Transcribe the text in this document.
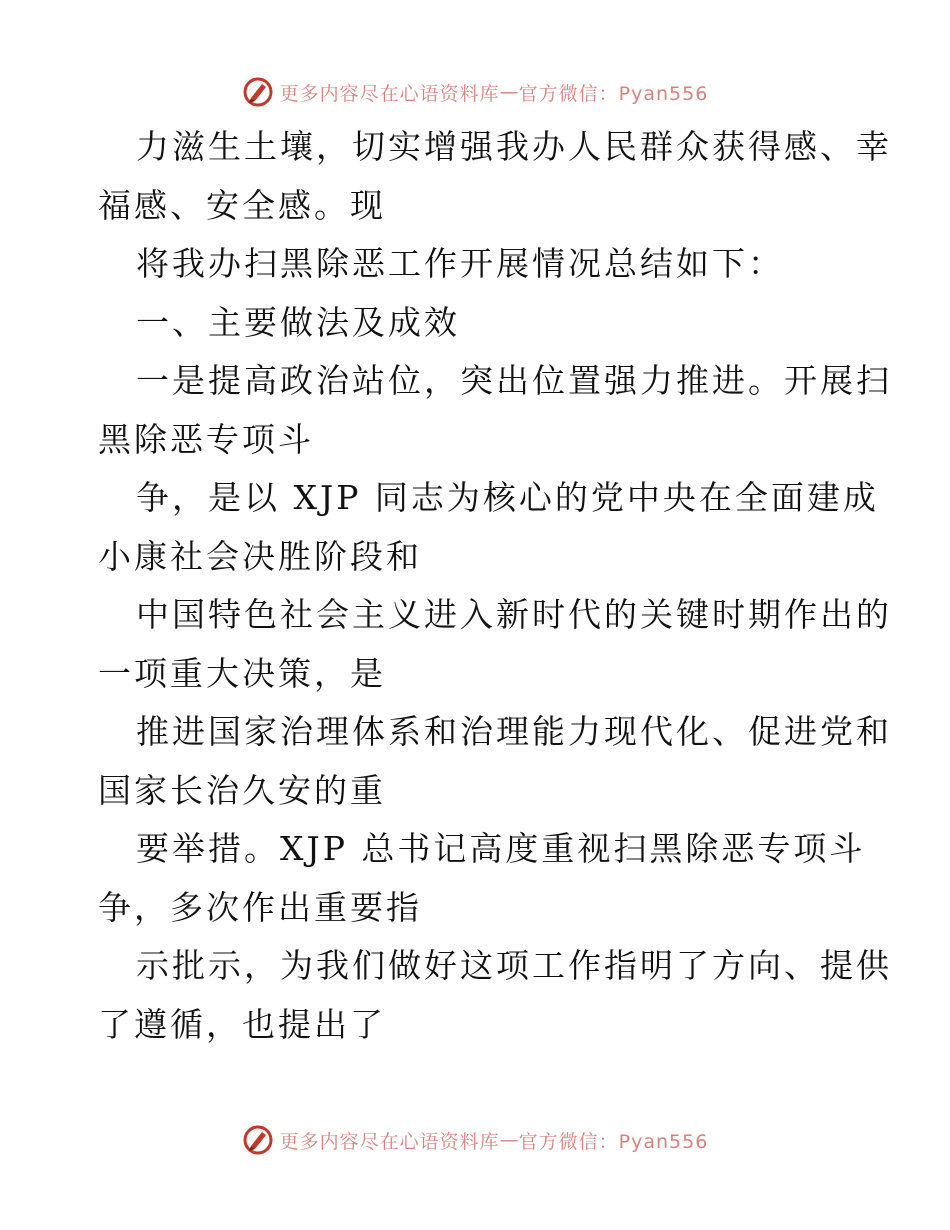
更多内容尽在心语资料库 — 官方微信：Pyan556
力滋生土壤，切实增强我办人民群众获得感、幸
福感、安全感。现
将我办扫黑除恶工作开展情况总结如下：
一、主要做法及成效
一是提高政治站位，突出位置强力推进。开展扫
黑除恶专项斗
争，是以 XJP 同志为核心的党中央在全面建成
小康社会决胜阶段和
中国特色社会主义进入新时代的关键时期作出的
一项重大决策，是
推进国家治理体系和治理能力现代化、促进党和
国家长治久安的重
要举措。XJP 总书记高度重视扫黑除恶专项斗
争，多次作出重要指
示批示，为我们做好这项工作指明了方向、提供
了遵循，也提出了
更多内容尽在心语资料库 — 官方微信：Pyan556
